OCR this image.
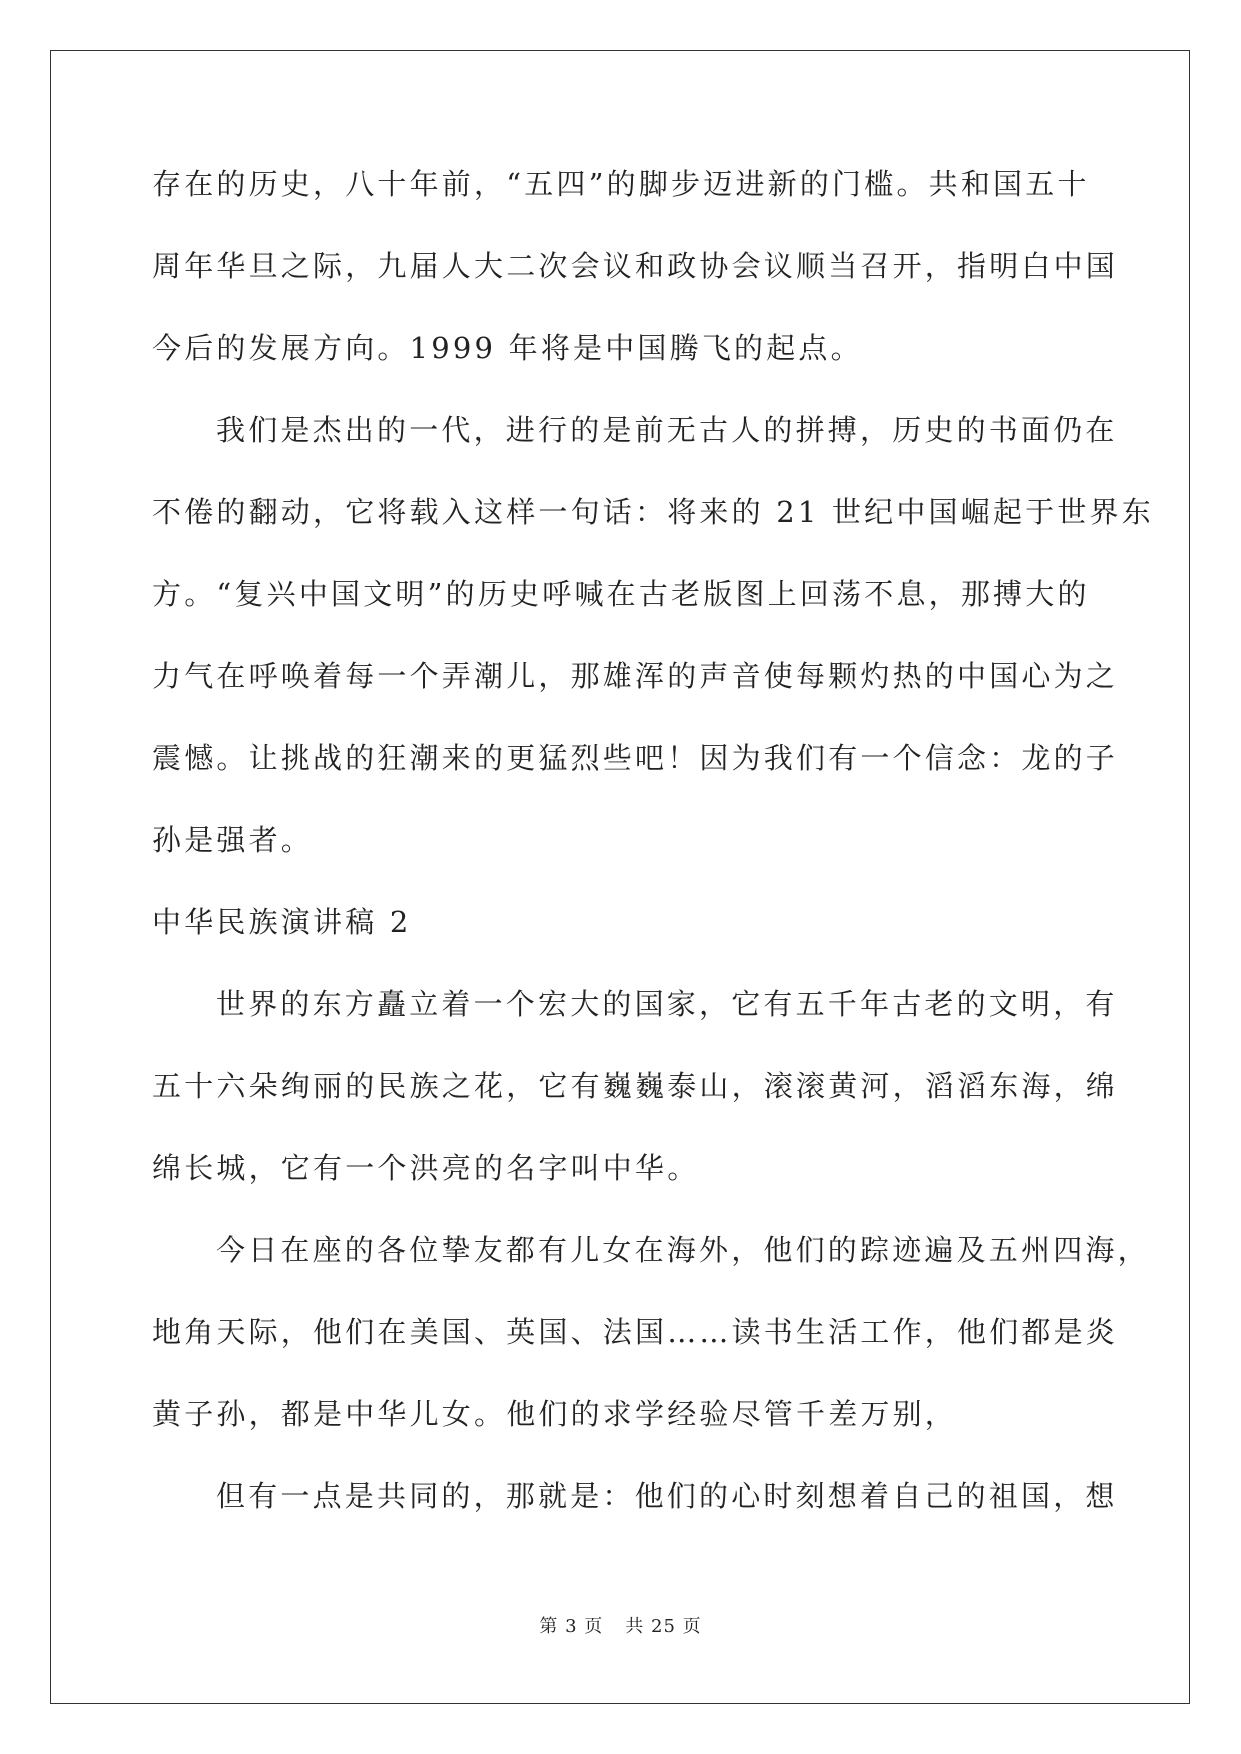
存在的历史，八十年前，“五四”的脚步迈进新的门槛。共和国五十
周年华旦之际，九届人大二次会议和政协会议顺当召开，指明白中国
今后的发展方向。1999 年将是中国腾飞的起点。
我们是杰出的一代，进行的是前无古人的拼搏，历史的书面仍在
不倦的翻动，它将载入这样一句话：将来的 21 世纪中国崛起于世界东
方。“复兴中国文明”的历史呼喊在古老版图上回荡不息，那搏大的
力气在呼唤着每一个弄潮儿，那雄浑的声音使每颗灼热的中国心为之
震憾。让挑战的狂潮来的更猛烈些吧！因为我们有一个信念：龙的子
孙是强者。
中华民族演讲稿 2
世界的东方矗立着一个宏大的国家，它有五千年古老的文明，有
五十六朵绚丽的民族之花，它有巍巍泰山，滚滚黄河，滔滔东海，绵
绵长城，它有一个洪亮的名字叫中华。
今日在座的各位挚友都有儿女在海外，他们的踪迹遍及五州四海，
地角天际，他们在美国、英国、法国……读书生活工作，他们都是炎
黄子孙，都是中华儿女。他们的求学经验尽管千差万别，
但有一点是共同的，那就是：他们的心时刻想着自己的祖国，想
第 3 页 共 25 页
